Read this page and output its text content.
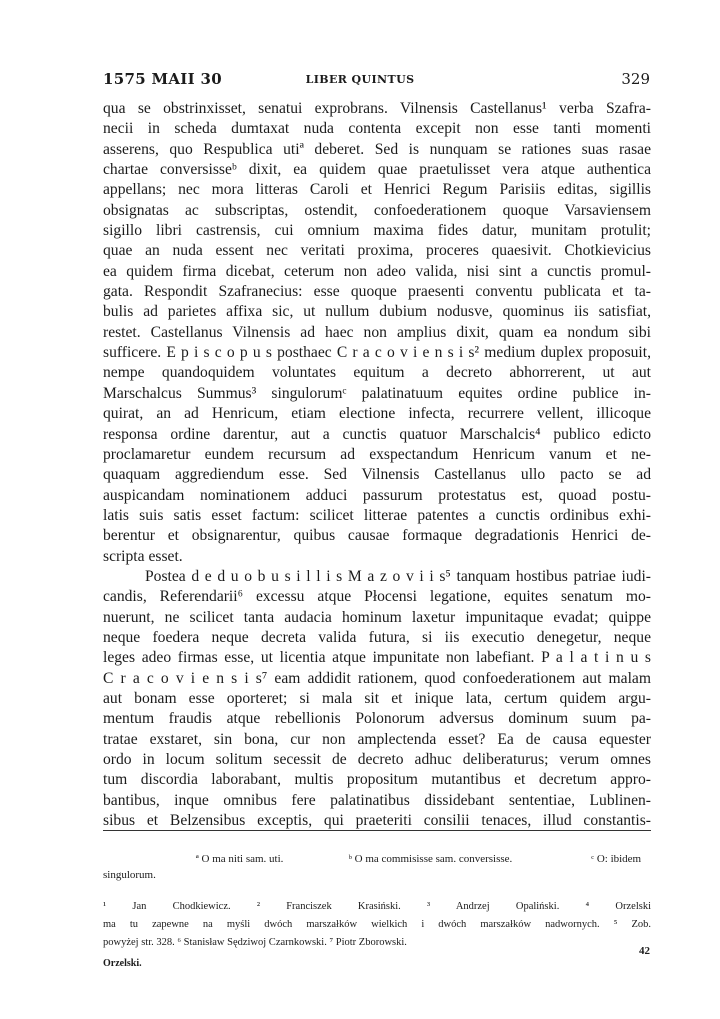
1575 MAII 30	LIBER QUINTUS	329
qua se obstrinxisset, senatui exprobrans. Vilnensis Castellanus¹ verba Szafra-
necii in scheda dumtaxat nuda contenta excepit non esse tanti momenti
asserens, quo Respublica utiª deberet. Sed is nunquam se rationes suas rasae
chartae conversisseᵇ dixit, ea quidem quae praetulisset vera atque authentica
appellans; nec mora litteras Caroli et Henrici Regum Parisiis editas, sigillis
obsignatas ac subscriptas, ostendit, confoederationem quoque Varsaviensem
sigillo libri castrensis, cui omnium maxima fides datur, munitam protulit;
quae an nuda essent nec veritati proxima, proceres quaesivit. Chotkievicius
ea quidem firma dicebat, ceterum non adeo valida, nisi sint a cunctis promul-
gata. Respondit Szafranecius: esse quoque praesenti conventu publicata et ta-
bulis ad parietes affixa sic, ut nullum dubium nodusve, quominus iis satisfiat,
restet. Castellanus Vilnensis ad haec non amplius dixit, quam ea nondum sibi
sufficere. E p i s c o p u s posthaec C r a c o v i e n s i s² medium duplex proposuit,
nempe quandoquidem voluntates equitum a decreto abhorrerent, ut aut
Marschalcus Summus³ singulorumᶜ palatinatuum equites ordine publice in-
quirat, an ad Henricum, etiam electione infecta, recurrere vellent, illicoque
responsa ordine darentur, aut a cunctis quatuor Marschalcis⁴ publico edicto
proclamaretur eundem recursum ad exspectandum Henricum vanum et ne-
quaquam aggrediendum esse. Sed Vilnensis Castellanus ullo pacto se ad
auspicandam nominationem adduci passurum protestatus est, quoad postu-
latis suis satis esset factum: scilicet litterae patentes a cunctis ordinibus exhi-
berentur et obsignarentur, quibus causae formaque degradationis Henrici de-
scripta esset.
Postea d e d u o b u s i l l i s M a z o v i i s⁵ tanquam hostibus patriae iudi-
candis, Referendarii⁶ excessu atque Płocensi legatione, equites senatum mo-
nuerunt, ne scilicet tanta audacia hominum laxetur impunitaque evadat; quippe
neque foedera neque decreta valida futura, si iis executio denegetur, neque
leges adeo firmas esse, ut licentia atque impunitate non labefiant. P a l a t i n u s
C r a c o v i e n s i s⁷ eam addidit rationem, quod confoederationem aut malam
aut bonam esse oporteret; si mala sit et inique lata, certum quidem argu-
mentum fraudis atque rebellionis Polonorum adversus dominum suum pa-
tratae exstaret, sin bona, cur non amplectenda esset? Ea de causa equester
ordo in locum solitum secessit de decreto adhuc deliberaturus; verum omnes
tum discordia laborabant, multis propositum mutantibus et decretum appro-
bantibus, inque omnibus fere palatinatibus dissidebant sententiae, Lublinen-
sibus et Belzensibus exceptis, qui praeteriti consilii tenaces, illud constantis-
ª O ma niti sam. uti.	ᵇ O ma commisisse sam. conversisse.	ᶜ O: ibidem
singulorum.
¹ Jan Chodkiewicz. ² Franciszek Krasiński. ³ Andrzej Opaliński. ⁴ Orzelski
ma tu zapewne na myśli dwóch marszałków wielkich i dwóch marszałków nadwornych. ⁵ Zob.
powyżej str. 328. ⁶ Stanisław Sędziwoj Czarnkowski. ⁷ Piotr Zborowski.
42
Orzelski.
